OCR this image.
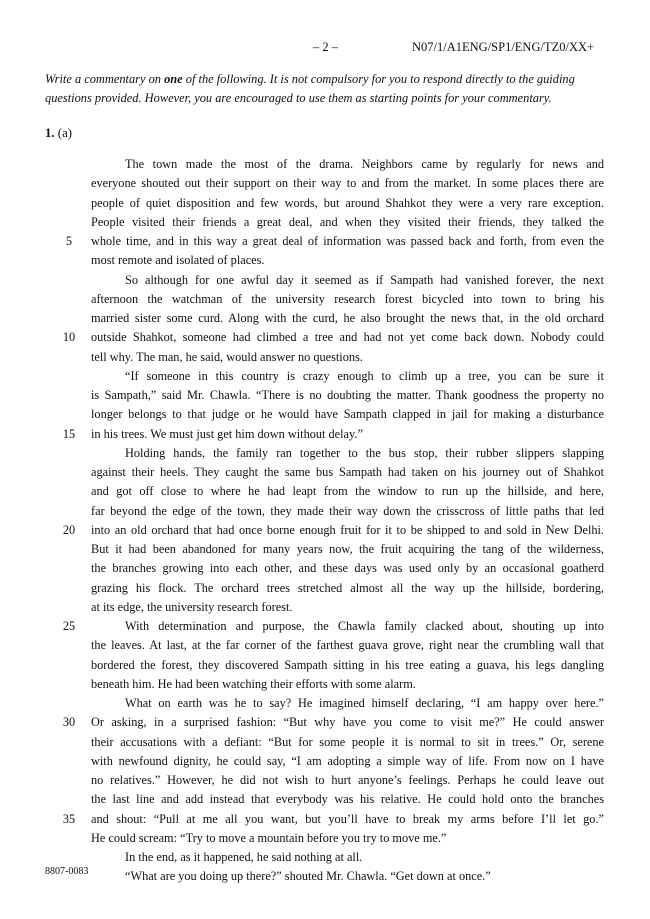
– 2 –	N07/1/A1ENG/SP1/ENG/TZ0/XX+
Write a commentary on one of the following. It is not compulsory for you to respond directly to the guiding questions provided. However, you are encouraged to use them as starting points for your commentary.
1. (a)
The town made the most of the drama. Neighbors came by regularly for news and
everyone shouted out their support on their way to and from the market. In some places there are
people of quiet disposition and few words, but around Shahkot they were a very rare exception.
People visited their friends a great deal, and when they visited their friends, they talked the
5	whole time, and in this way a great deal of information was passed back and forth, from even the
most remote and isolated of places.
So although for one awful day it seemed as if Sampath had vanished forever, the next
afternoon the watchman of the university research forest bicycled into town to bring his
married sister some curd. Along with the curd, he also brought the news that, in the old orchard
10	outside Shahkot, someone had climbed a tree and had not yet come back down. Nobody could
tell why. The man, he said, would answer no questions.
“If someone in this country is crazy enough to climb up a tree, you can be sure it
is Sampath,” said Mr. Chawla. “There is no doubting the matter. Thank goodness the property no
longer belongs to that judge or he would have Sampath clapped in jail for making a disturbance
15	in his trees. We must just get him down without delay.”
Holding hands, the family ran together to the bus stop, their rubber slippers slapping
against their heels. They caught the same bus Sampath had taken on his journey out of Shahkot
and got off close to where he had leapt from the window to run up the hillside, and here,
far beyond the edge of the town, they made their way down the crisscross of little paths that led
20	into an old orchard that had once borne enough fruit for it to be shipped to and sold in New Delhi.
But it had been abandoned for many years now, the fruit acquiring the tang of the wilderness,
the branches growing into each other, and these days was used only by an occasional goatherd
grazing his flock. The orchard trees stretched almost all the way up the hillside, bordering,
at its edge, the university research forest.
25	With determination and purpose, the Chawla family clacked about, shouting up into
the leaves. At last, at the far corner of the farthest guava grove, right near the crumbling wall that
bordered the forest, they discovered Sampath sitting in his tree eating a guava, his legs dangling
beneath him. He had been watching their efforts with some alarm.
What on earth was he to say? He imagined himself declaring, “I am happy over here.”
30	Or asking, in a surprised fashion: “But why have you come to visit me?” He could answer
their accusations with a defiant: “But for some people it is normal to sit in trees.” Or, serene
with newfound dignity, he could say, “I am adopting a simple way of life. From now on I have
no relatives.” However, he did not wish to hurt anyone’s feelings. Perhaps he could leave out
the last line and add instead that everybody was his relative. He could hold onto the branches
35	and shout: “Pull at me all you want, but you’ll have to break my arms before I’ll let go.”
He could scream: “Try to move a mountain before you try to move me.”
In the end, as it happened, he said nothing at all.
“What are you doing up there?” shouted Mr. Chawla. “Get down at once.”
8807-0083
